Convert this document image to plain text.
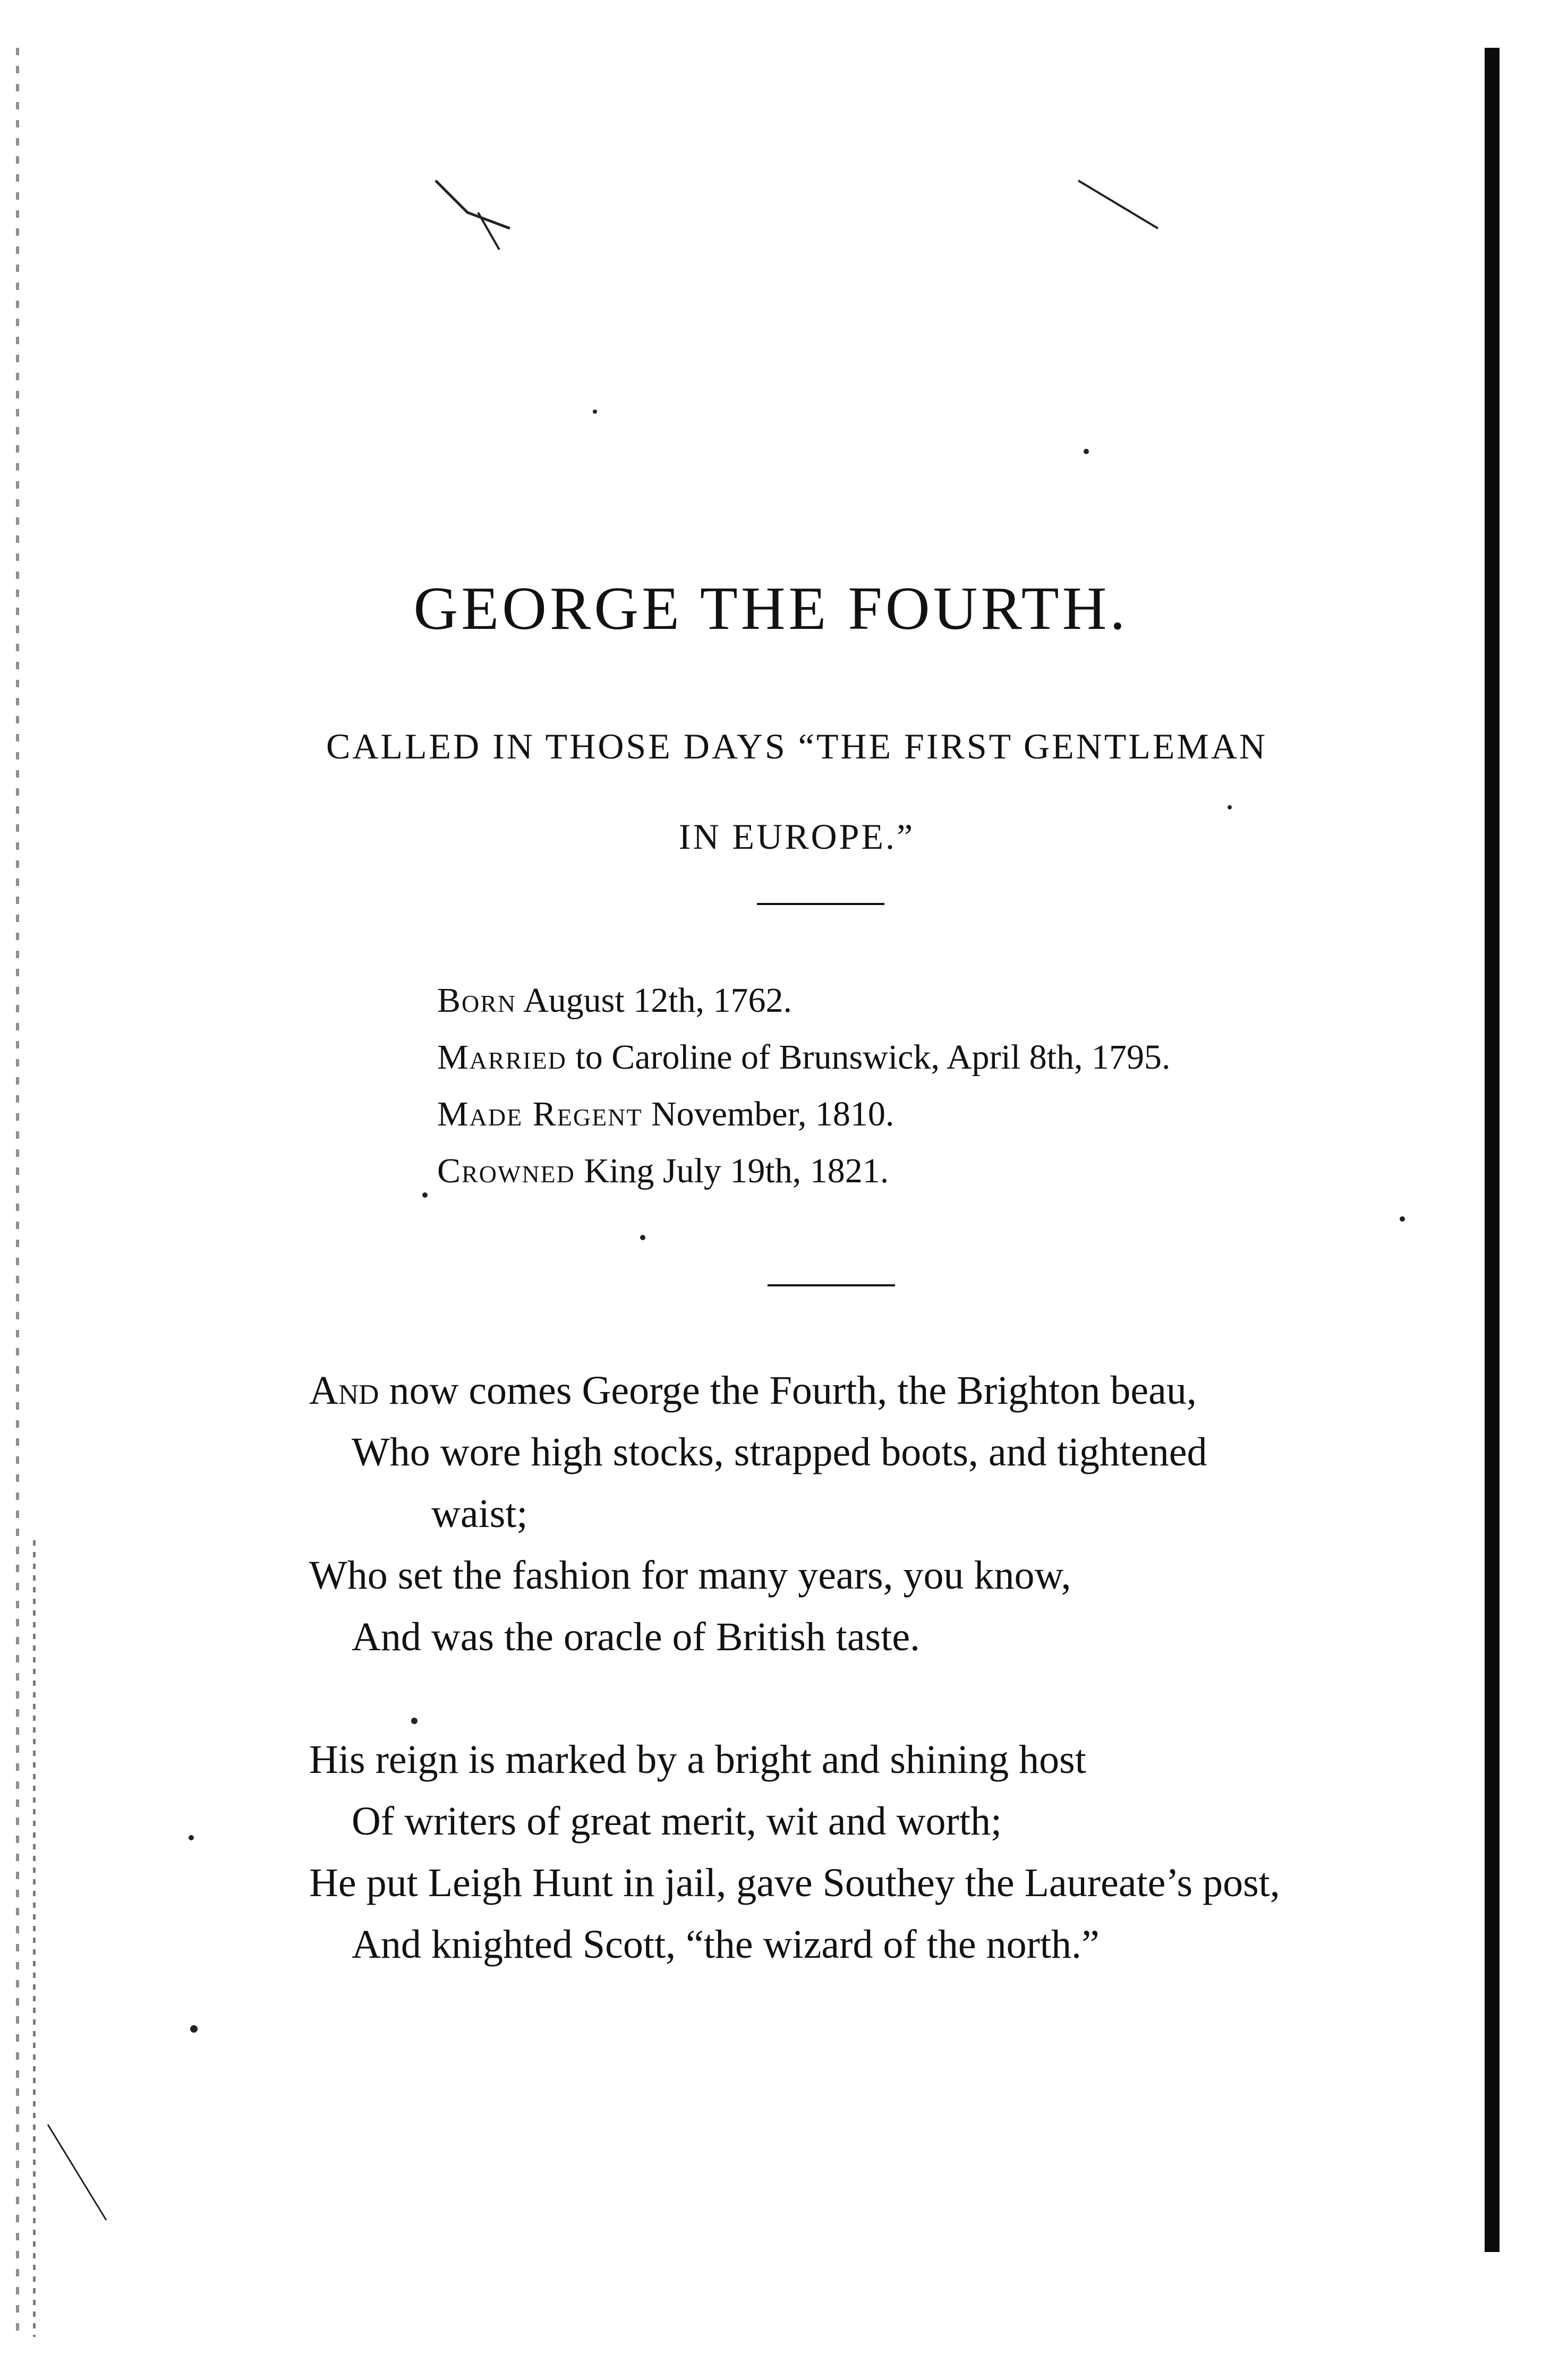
GEORGE THE FOURTH.
CALLED IN THOSE DAYS “THE FIRST GENTLEMAN
IN EUROPE.”
Born August 12th, 1762.
Married to Caroline of Brunswick, April 8th, 1795.
Made Regent November, 1810.
Crowned King July 19th, 1821.
And now comes George the Fourth, the Brighton beau,
Who wore high stocks, strapped boots, and tightened
waist;
Who set the fashion for many years, you know,
And was the oracle of British taste.
His reign is marked by a bright and shining host
Of writers of great merit, wit and worth;
He put Leigh Hunt in jail, gave Southey the Laureate’s post,
And knighted Scott, “the wizard of the north.”
